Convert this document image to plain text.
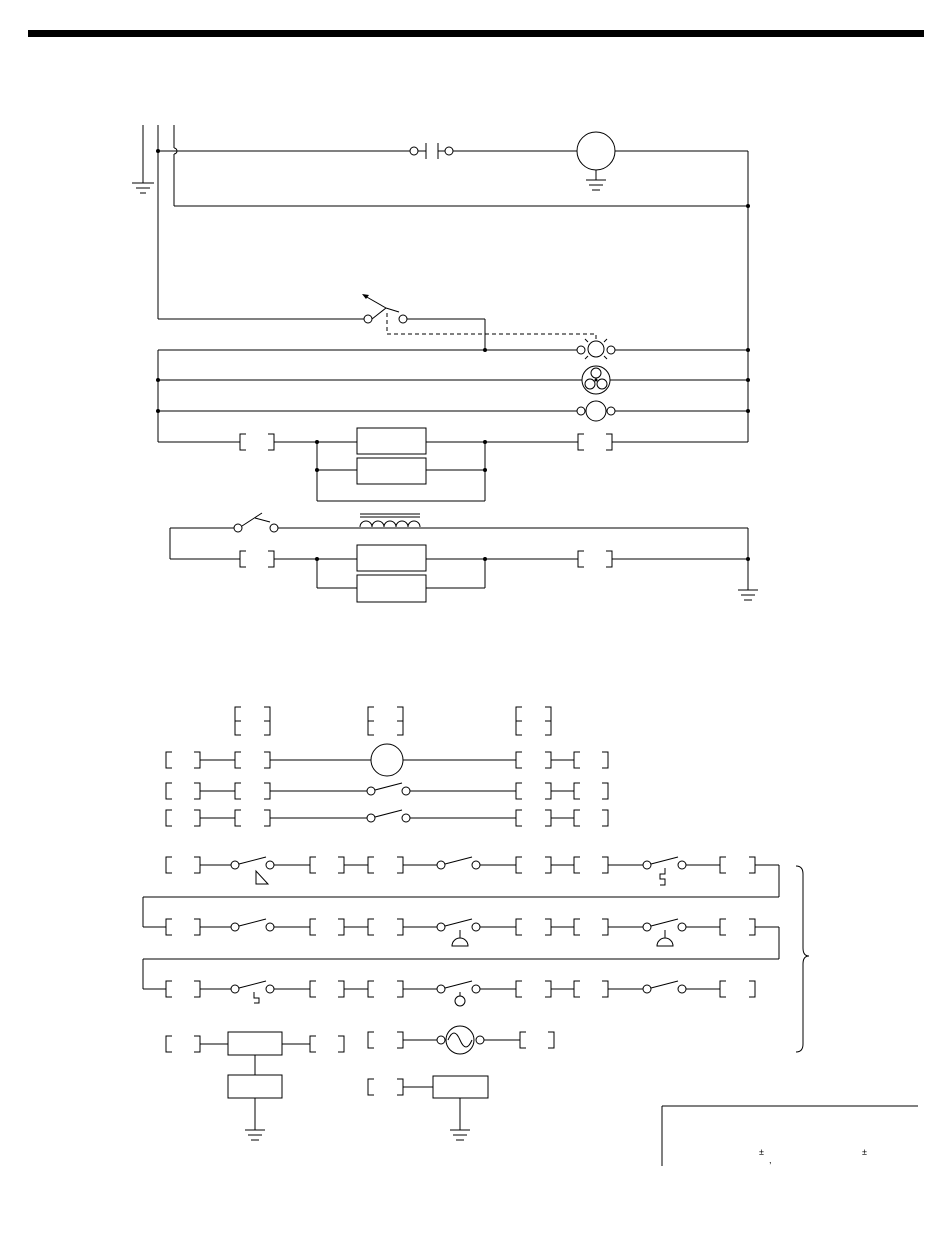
±
,
±
